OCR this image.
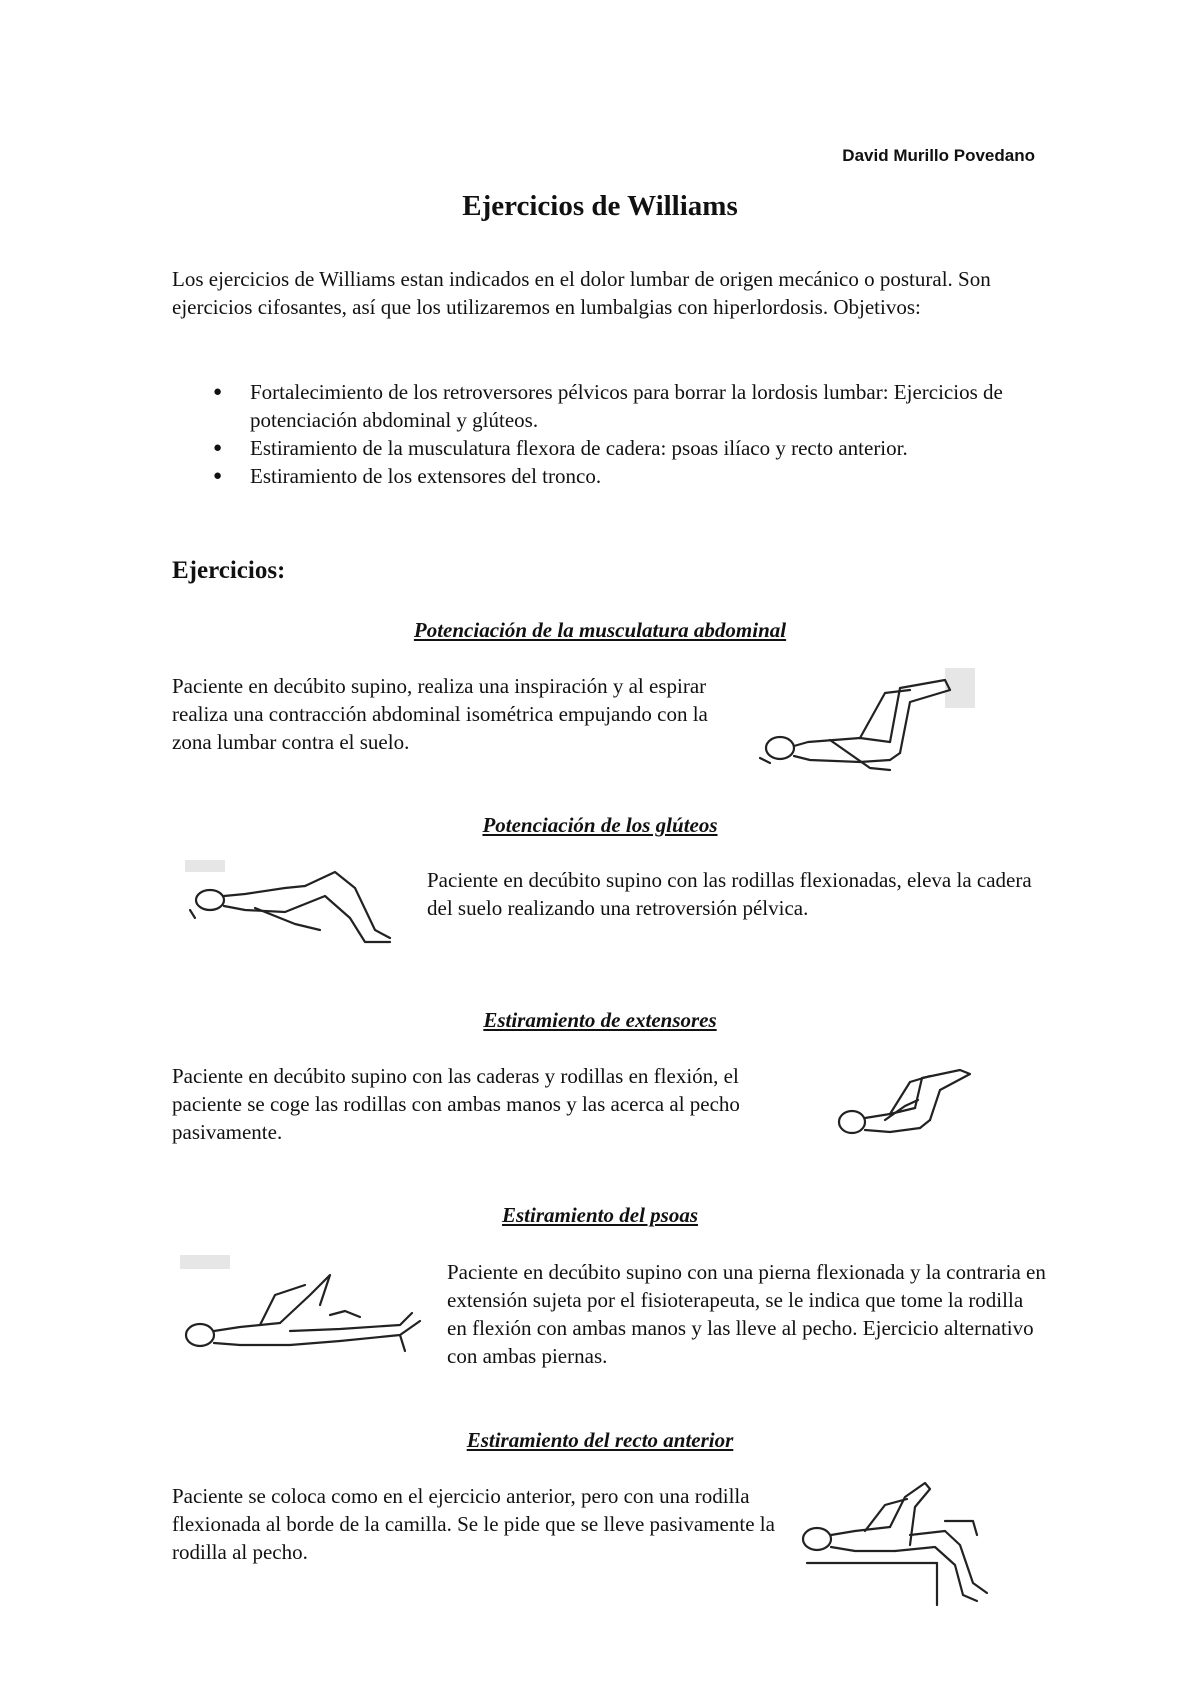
David Murillo Povedano
Ejercicios de Williams

Los ejercicios de Williams estan indicados en el dolor lumbar de origen mecánico o postural. Son ejercicios cifosantes, así que los utilizaremos en lumbalgias con hiperlordosis. Objetivos:

● Fortalecimiento de los retroversores pélvicos para borrar la lordosis lumbar: Ejercicios de potenciación abdominal y glúteos.
● Estiramiento de la musculatura flexora de cadera: psoas ilíaco y recto anterior.
● Estiramiento de los extensores del tronco.
Ejercicios:
Potenciación de la musculatura abdominal

Paciente en decúbito supino, realiza una inspiración y al espirar realiza una contracción abdominal isométrica empujando con la zona lumbar contra el suelo.

Potenciación de los glúteos

Paciente en decúbito supino con las rodillas flexionadas, eleva la cadera del suelo realizando una retroversión pélvica.

Estiramiento de extensores

Paciente en decúbito supino con las caderas y rodillas en flexión, el paciente se coge las rodillas con ambas manos y las acerca al pecho pasivamente.

Estiramiento del psoas

Paciente en decúbito supino con una pierna flexionada y la contraria en extensión sujeta por el fisioterapeuta, se le indica que tome la rodilla en flexión con ambas manos y las lleve al pecho. Ejercicio alternativo con ambas piernas.

Estiramiento del recto anterior

Paciente se coloca como en el ejercicio anterior, pero con una rodilla flexionada al borde de la camilla. Se le pide que se lleve pasivamente la rodilla al pecho.
